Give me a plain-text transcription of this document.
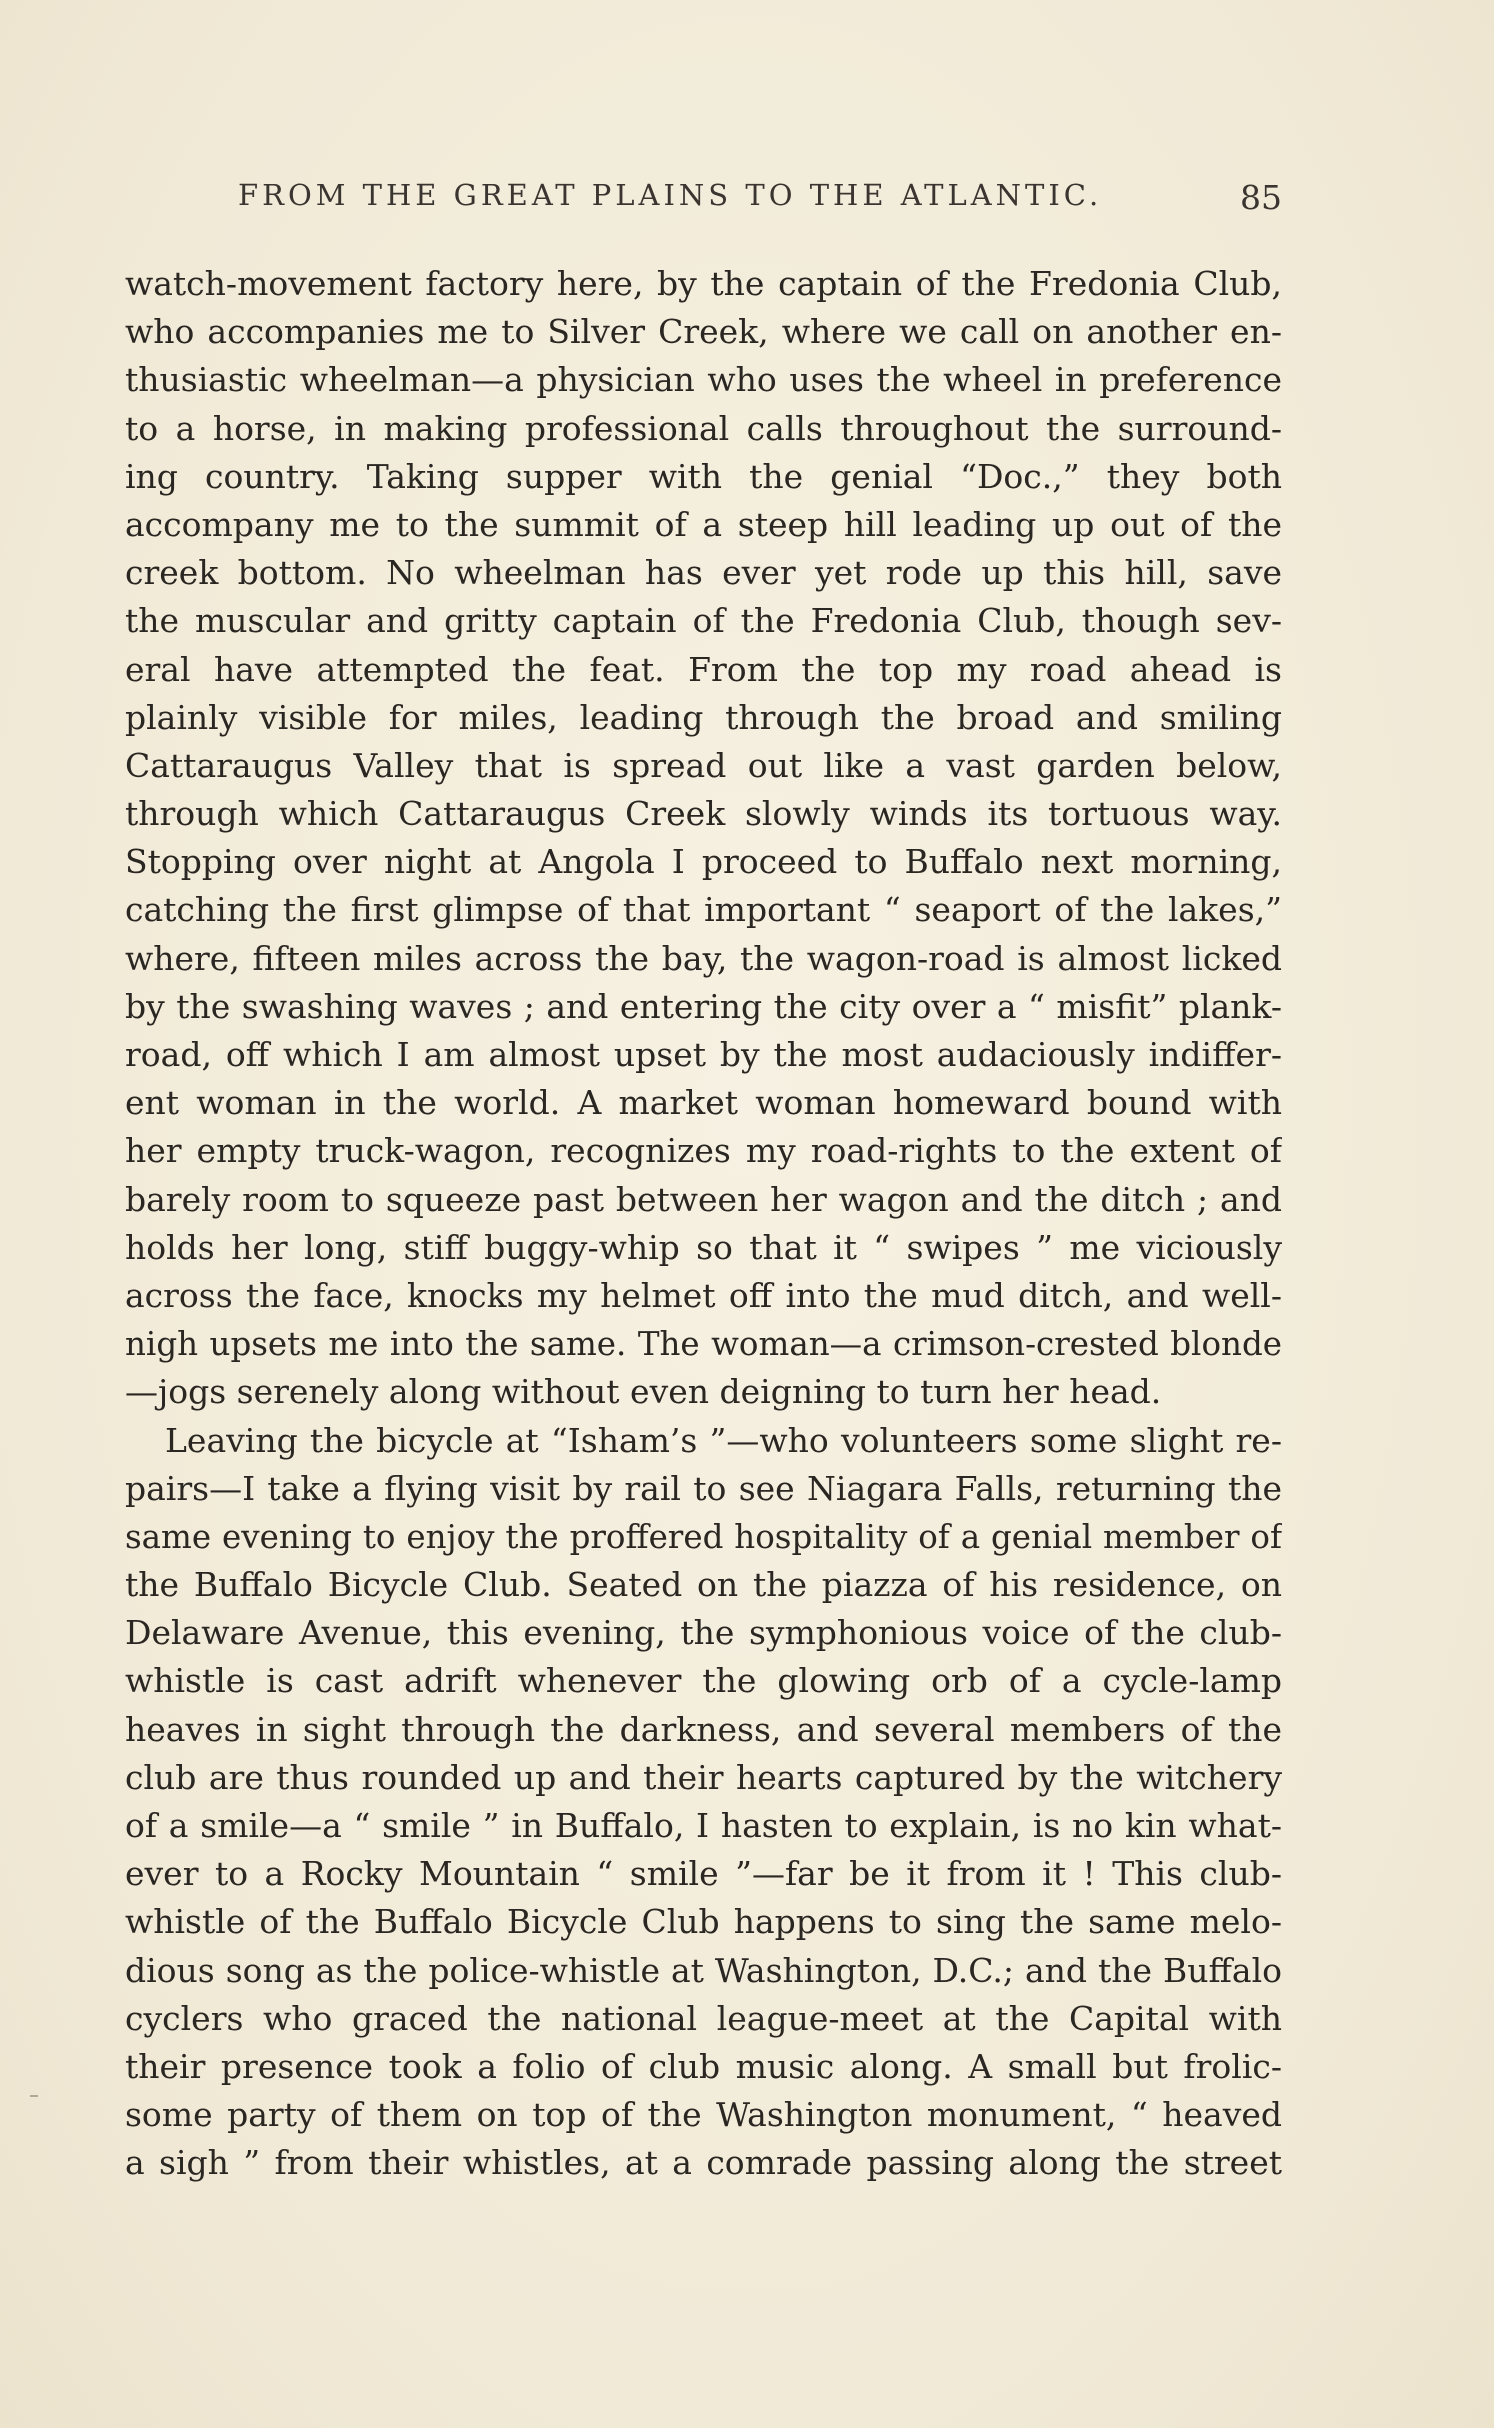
FROM THE GREAT PLAINS TO THE ATLANTIC.	85
watch-movement factory here, by the captain of the Fredonia Club,
who accompanies me to Silver Creek, where we call on another en-
thusiastic wheelman—a physician who uses the wheel in preference
to a horse, in making professional calls throughout the surround-
ing country. Taking supper with the genial “Doc.,” they both
accompany me to the summit of a steep hill leading up out of the
creek bottom. No wheelman has ever yet rode up this hill, save
the muscular and gritty captain of the Fredonia Club, though sev-
eral have attempted the feat. From the top my road ahead is
plainly visible for miles, leading through the broad and smiling
Cattaraugus Valley that is spread out like a vast garden below,
through which Cattaraugus Creek slowly winds its tortuous way.
Stopping over night at Angola I proceed to Buffalo next morning,
catching the first glimpse of that important “ seaport of the lakes,”
where, fifteen miles across the bay, the wagon-road is almost licked
by the swashing waves ; and entering the city over a “ misfit” plank-
road, off which I am almost upset by the most audaciously indiffer-
ent woman in the world. A market woman homeward bound with
her empty truck-wagon, recognizes my road-rights to the extent of
barely room to squeeze past between her wagon and the ditch ; and
holds her long, stiff buggy-whip so that it “ swipes ” me viciously
across the face, knocks my helmet off into the mud ditch, and well-
nigh upsets me into the same. The woman—a crimson-crested blonde
—jogs serenely along without even deigning to turn her head.
Leaving the bicycle at “Isham’s ”—who volunteers some slight re-
pairs—I take a flying visit by rail to see Niagara Falls, returning the
same evening to enjoy the proffered hospitality of a genial member of
the Buffalo Bicycle Club. Seated on the piazza of his residence, on
Delaware Avenue, this evening, the symphonious voice of the club-
whistle is cast adrift whenever the glowing orb of a cycle-lamp
heaves in sight through the darkness, and several members of the
club are thus rounded up and their hearts captured by the witchery
of a smile—a “ smile ” in Buffalo, I hasten to explain, is no kin what-
ever to a Rocky Mountain “ smile ”—far be it from it ! This club-
whistle of the Buffalo Bicycle Club happens to sing the same melo-
dious song as the police-whistle at Washington, D.C.; and the Buffalo
cyclers who graced the national league-meet at the Capital with
their presence took a folio of club music along. A small but frolic-
some party of them on top of the Washington monument, “ heaved
a sigh ” from their whistles, at a comrade passing along the street
